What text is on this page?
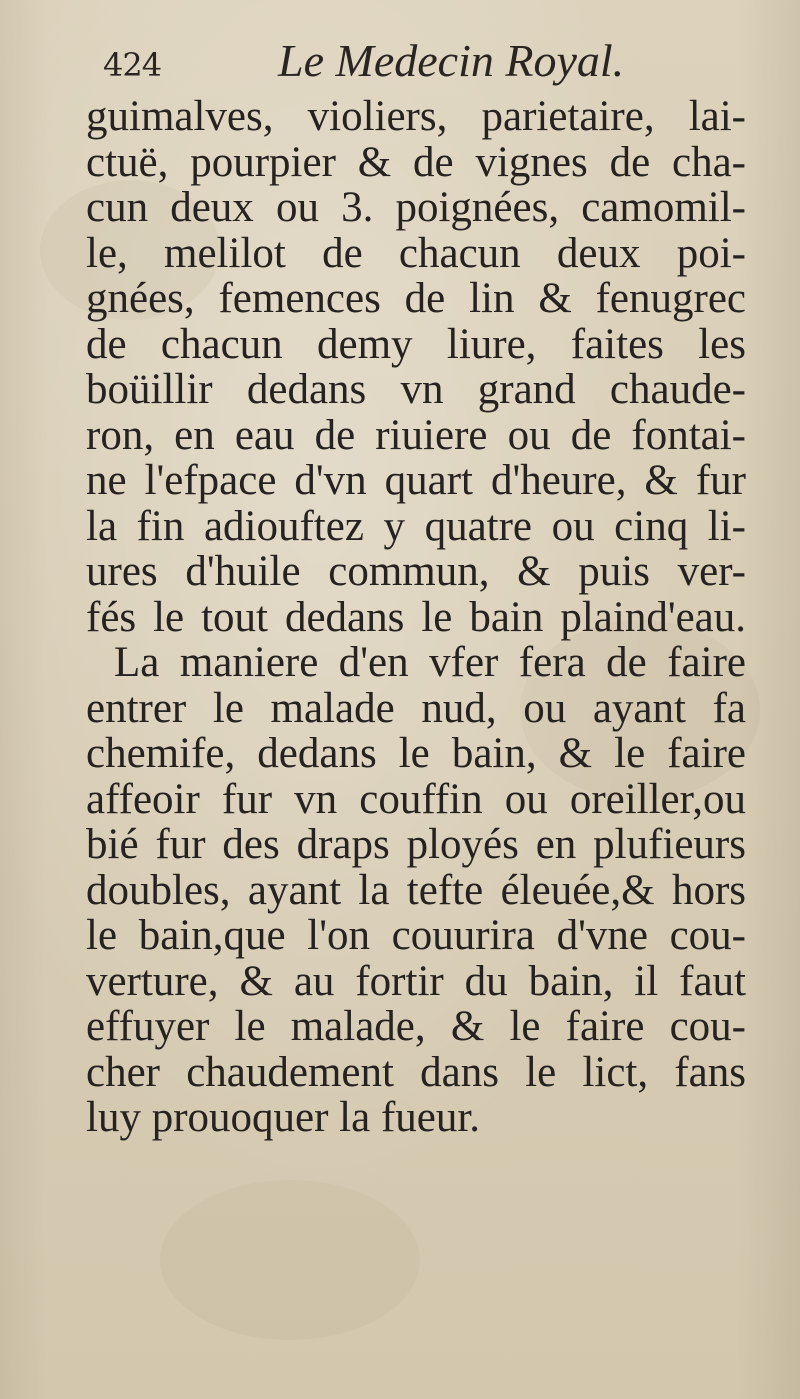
424	Le Medecin Royal.
guimalves, violiers, parietaire, lai-
ctuë, pourpier & de vignes de cha-
cun deux ou 3. poignées, camomil-
le, melilot de chacun deux poi-
gnées, femences de lin & fenugrec
de chacun demy liure, faites les
boüillir dedans vn grand chaude-
ron, en eau de riuiere ou de fontai-
ne l'efpace d'vn quart d'heure, & fur
la fin adiouftez y quatre ou cinq li-
ures d'huile commun, & puis ver-
fés le tout dedans le bain plaind'eau.
La maniere d'en vfer fera de faire
entrer le malade nud, ou ayant fa
chemife, dedans le bain, & le faire
affeoir fur vn couffin ou oreiller,ou
bié fur des draps ployés en plufieurs
doubles, ayant la tefte éleuée,& hors
le bain,que l'on couurira d'vne cou-
verture, & au fortir du bain, il faut
effuyer le malade, & le faire cou-
cher chaudement dans le lict, fans
luy prouoquer la fueur.
